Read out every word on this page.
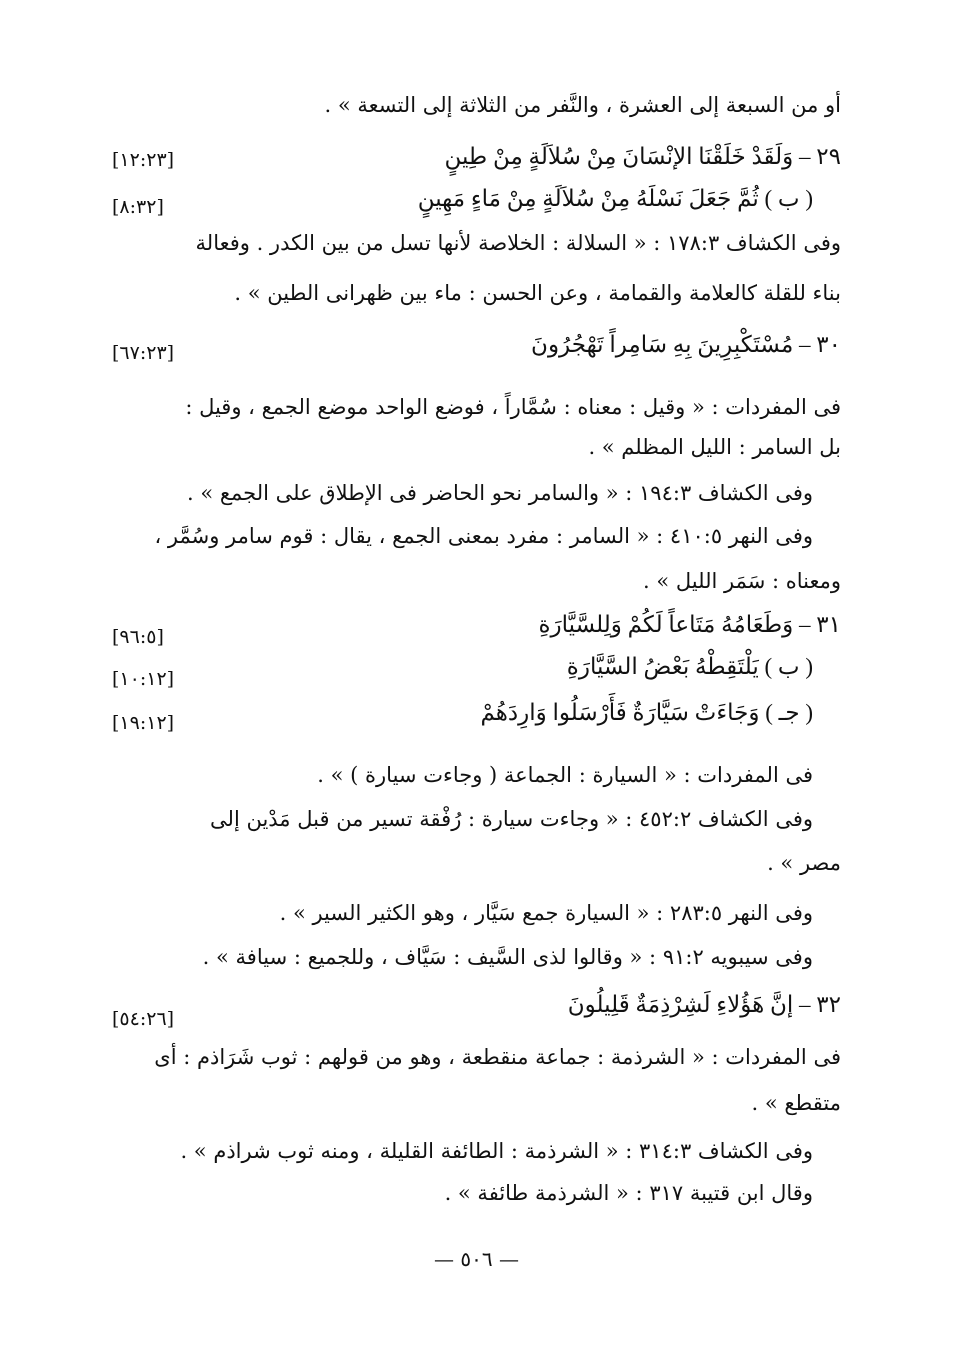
أو من السبعة إلى العشرة ، والنَّفر من الثلاثة إلى التسعة » .
٢٩ – وَلَقَدْ خَلَقْنَا الإنْسَانَ مِنْ سُلاَلَةٍ مِنْ طِينٍ
[١٢:٢٣]
( ب ) ثُمَّ جَعَلَ نَسْلَهُ مِنْ سُلاَلَةٍ مِنْ مَاءٍ مَهِينٍ
[٨:٣٢]
وفى الكشاف ١٧٨:٣ : « السلالة : الخلاصة لأنها تسل من بين الكدر . وفعالة
بناء للقلة كالعلامة والقمامة ، وعن الحسن : ماء بين ظهرانى الطين » .
٣٠ – مُسْتَكْبِرِينَ بِهِ سَامِراً تَهْجُرُونَ
[٦٧:٢٣]
فى المفردات : « وقيل : معناه : سُمَّاراً ، فوضع الواحد موضع الجمع ، وقيل :
بل السامر : الليل المظلم » .
وفى الكشاف ١٩٤:٣ : « والسامر نحو الحاضر فى الإطلاق على الجمع » .
وفى النهر ٤١٠:٥ : « السامر : مفرد بمعنى الجمع ، يقال : قوم سامر وسُمَّر ،
ومعناه : سَمَر الليل » .
٣١ – وَطَعَامُهُ مَتَاعاً لَكُمْ وَلِلسَّيَّارَةِ
[٩٦:٥]
( ب ) يَلْتَقِطْهُ بَعْضُ السَّيَّارَةِ
[١٠:١٢]
( جـ ) وَجَاءَتْ سَيَّارَةٌ فَأَرْسَلُوا وَارِدَهُمْ
[١٩:١٢]
فى المفردات : « السيارة : الجماعة ( وجاءت سيارة ) » .
وفى الكشاف ٤٥٢:٢ : « وجاءت سيارة : رُفْقة تسير من قبل مَدْين إلى
مصر » .
وفى النهر ٢٨٣:٥ : « السيارة جمع سَيَّار ، وهو الكثير السير » .
وفى سيبويه ٩١:٢ : « وقالوا لذى السَّيف : سَيَّاف ، وللجميع : سيافة » .
٣٢ – إنَّ هَؤُلاءِ لَشِرْذِمَةٌ قَلِيلُونَ
[٥٤:٢٦]
فى المفردات : « الشرذمة : جماعة منقطعة ، وهو من قولهم : ثوب شَرَاذم : أى
متقطع » .
وفى الكشاف ٣١٤:٣ : « الشرذمة : الطائفة القليلة ، ومنه ثوب شراذم » .
وقال ابن قتيبة ٣١٧ : « الشرذمة طائفة » .
— ٥٠٦ —
